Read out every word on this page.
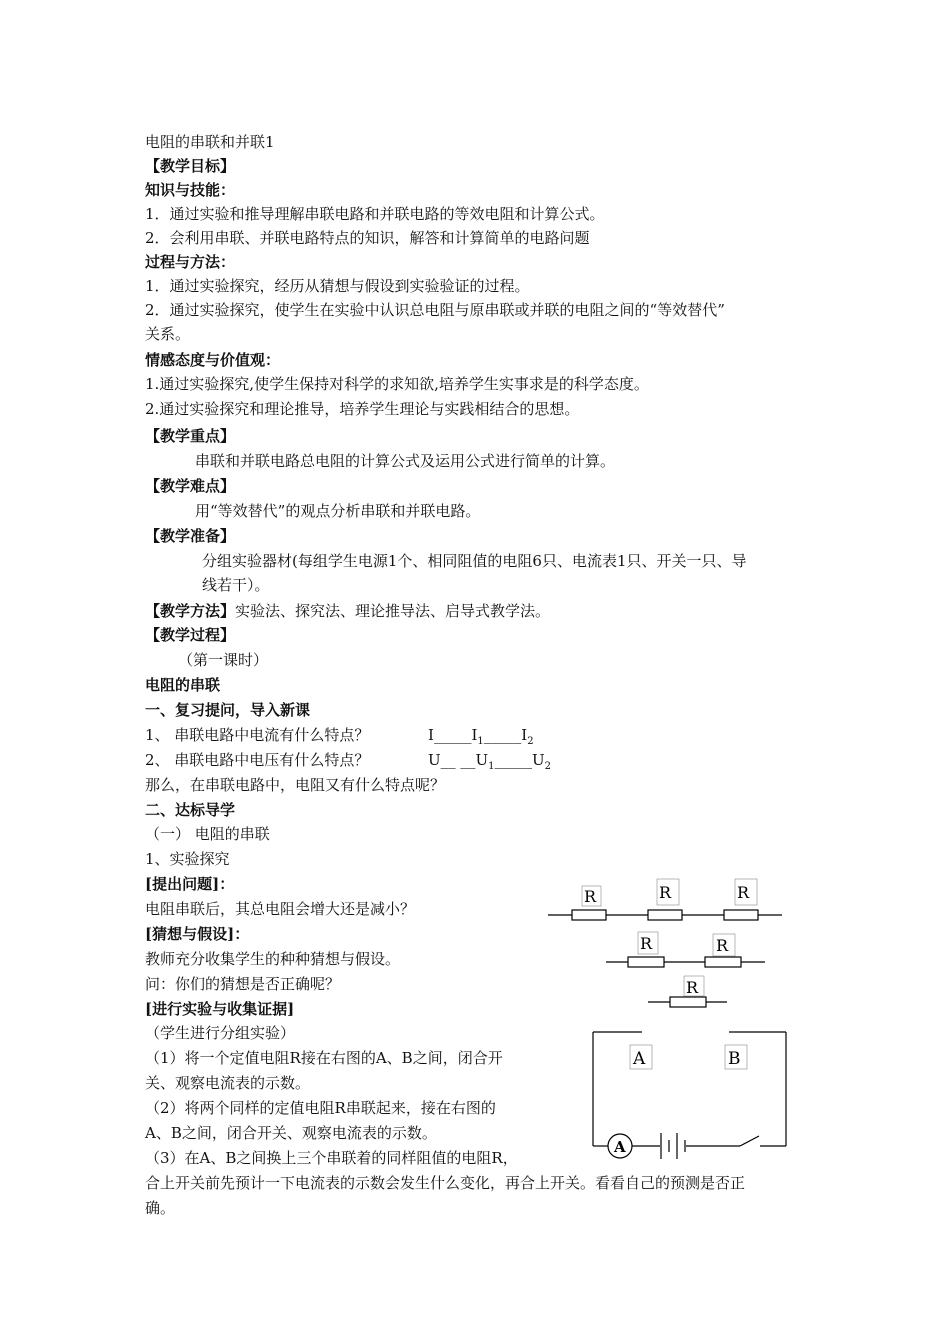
电阻的串联和并联1
【教学目标】
知识与技能：
1．通过实验和推导理解串联电路和并联电路的等效电阻和计算公式。
2．会利用串联、并联电路特点的知识，解答和计算简单的电路问题
过程与方法：
1．通过实验探究，经历从猜想与假设到实验验证的过程。
2．通过实验探究，使学生在实验中认识总电阻与原串联或并联的电阻之间的“等效替代”
关系。
情感态度与价值观：
1.通过实验探究,使学生保持对科学的求知欲,培养学生实事求是的科学态度。
2.通过实验探究和理论推导，培养学生理论与实践相结合的思想。
【教学重点】
串联和并联电路总电阻的计算公式及运用公式进行简单的计算。
【教学难点】
用“等效替代”的观点分析串联和并联电路。
【教学准备】
分组实验器材(每组学生电源1个、相同阻值的电阻6只、电流表1只、开关一只、导
线若干）。
【教学方法】实验法、探究法、理论推导法、启导式教学法。
【教学过程】
（第一课时）
电阻的串联
一、复习提问，导入新课
1、 串联电路中电流有什么特点？	$I\_\_\_\_\_I_1\_\_\_\_\_I_2$
2、 串联电路中电压有什么特点？	U__ $\_\_U_1\_\_\_\_\_U_2$
那么，在串联电路中，电阻又有什么特点呢？
二、达标导学
（一） 电阻的串联
1、实验探究
[提出问题]：
电阻串联后，其总电阻会增大还是减小？
[猜想与假设]：
教师充分收集学生的种种猜想与假设。
问：你们的猜想是否正确呢？
[进行实验与收集证据]
（学生进行分组实验）
（1）将一个定值电阻R接在右图的A、B之间，闭合开
关、观察电流表的示数。
（2）将两个同样的定值电阻R串联起来，接在右图的
A、B之间，闭合开关、观察电流表的示数。
（3）在A、B之间换上三个串联着的同样阻值的电阻R，
合上开关前先预计一下电流表的示数会发生什么变化，再合上开关。看看自己的预测是否正
确。
R	R	R
R	R
R
A
A	B
